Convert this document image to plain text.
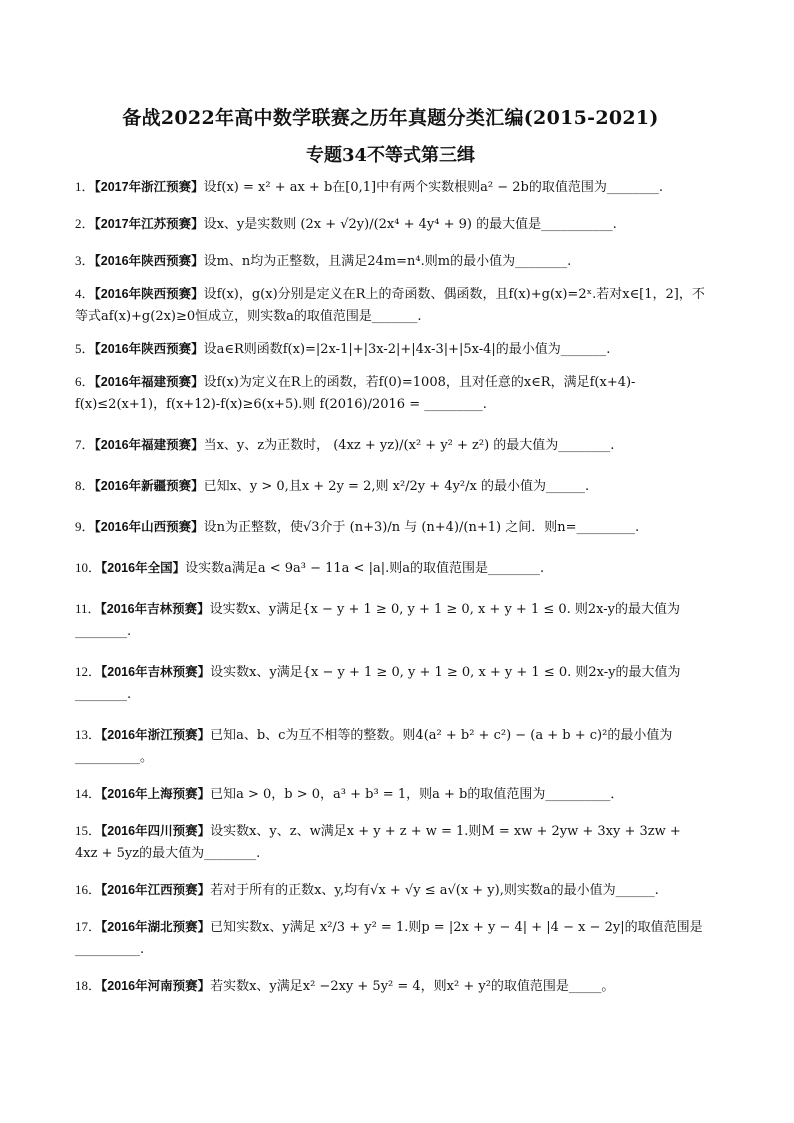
备战2022年高中数学联赛之历年真题分类汇编(2015-2021)
专题34不等式第三缉

1．【2017年浙江预赛】设f(x) = x² + ax + b在[0,1]中有两个实数根则a² − 2b的取值范围为________.

2．【2017年江苏预赛】设x、y是实数则 (2x + √2y)/(2x⁴ + 4y⁴ + 9) 的最大值是___________.

3．【2016年陕西预赛】设m、n均为正整数，且满足24m=n⁴.则m的最小值为________.

4．【2016年陕西预赛】设f(x)，g(x)分别是定义在R上的奇函数、偶函数，且f(x)+g(x)=2ˣ.若对x∈[1，2]，不等式af(x)+g(2x)≥0恒成立，则实数a的取值范围是_______.

5．【2016年陕西预赛】设a∈R则函数f(x)=|2x-1|+|3x-2|+|4x-3|+|5x-4|的最小值为_______.

6．【2016年福建预赛】设f(x)为定义在R上的函数，若f(0)=1008，且对任意的x∈R，满足f(x+4)-f(x)≤2(x+1)，f(x+12)-f(x)≥6(x+5).则 f(2016)/2016 = _________.

7．【2016年福建预赛】当x、y、z为正数时， (4xz + yz)/(x² + y² + z²) 的最大值为________.

8．【2016年新疆预赛】已知x、y > 0,且x + 2y = 2,则 x²/2y + 4y²/x 的最小值为______.

9．【2016年山西预赛】设n为正整数，使√3介于 (n+3)/n 与 (n+4)/(n+1) 之间．则n=_________.

10．【2016年全国】设实数a满足a < 9a³ − 11a < |a|.则a的取值范围是________.

11．【2016年吉林预赛】设实数x、y满足{x − y + 1 ≥ 0, y + 1 ≥ 0, x + y + 1 ≤ 0. 则2x-y的最大值为________.

12．【2016年吉林预赛】设实数x、y满足{x − y + 1 ≥ 0, y + 1 ≥ 0, x + y + 1 ≤ 0. 则2x-y的最大值为________.

13．【2016年浙江预赛】已知a、b、c为互不相等的整数。则4(a² + b² + c²) − (a + b + c)²的最小值为__________。

14．【2016年上海预赛】已知a > 0，b > 0，a³ + b³ = 1，则a + b的取值范围为__________．

15．【2016年四川预赛】设实数x、y、z、w满足x + y + z + w = 1.则M = xw + 2yw + 3xy + 3zw + 4xz + 5yz的最大值为________.

16．【2016年江西预赛】若对于所有的正数x、y,均有√x + √y ≤ a√(x + y),则实数a的最小值为______.

17．【2016年湖北预赛】已知实数x、y满足 x²/3 + y² = 1.则p = |2x + y − 4| + |4 − x − 2y|的取值范围是__________.

18．【2016年河南预赛】若实数x、y满足x² −2xy + 5y² = 4，则x² + y²的取值范围是_____。
